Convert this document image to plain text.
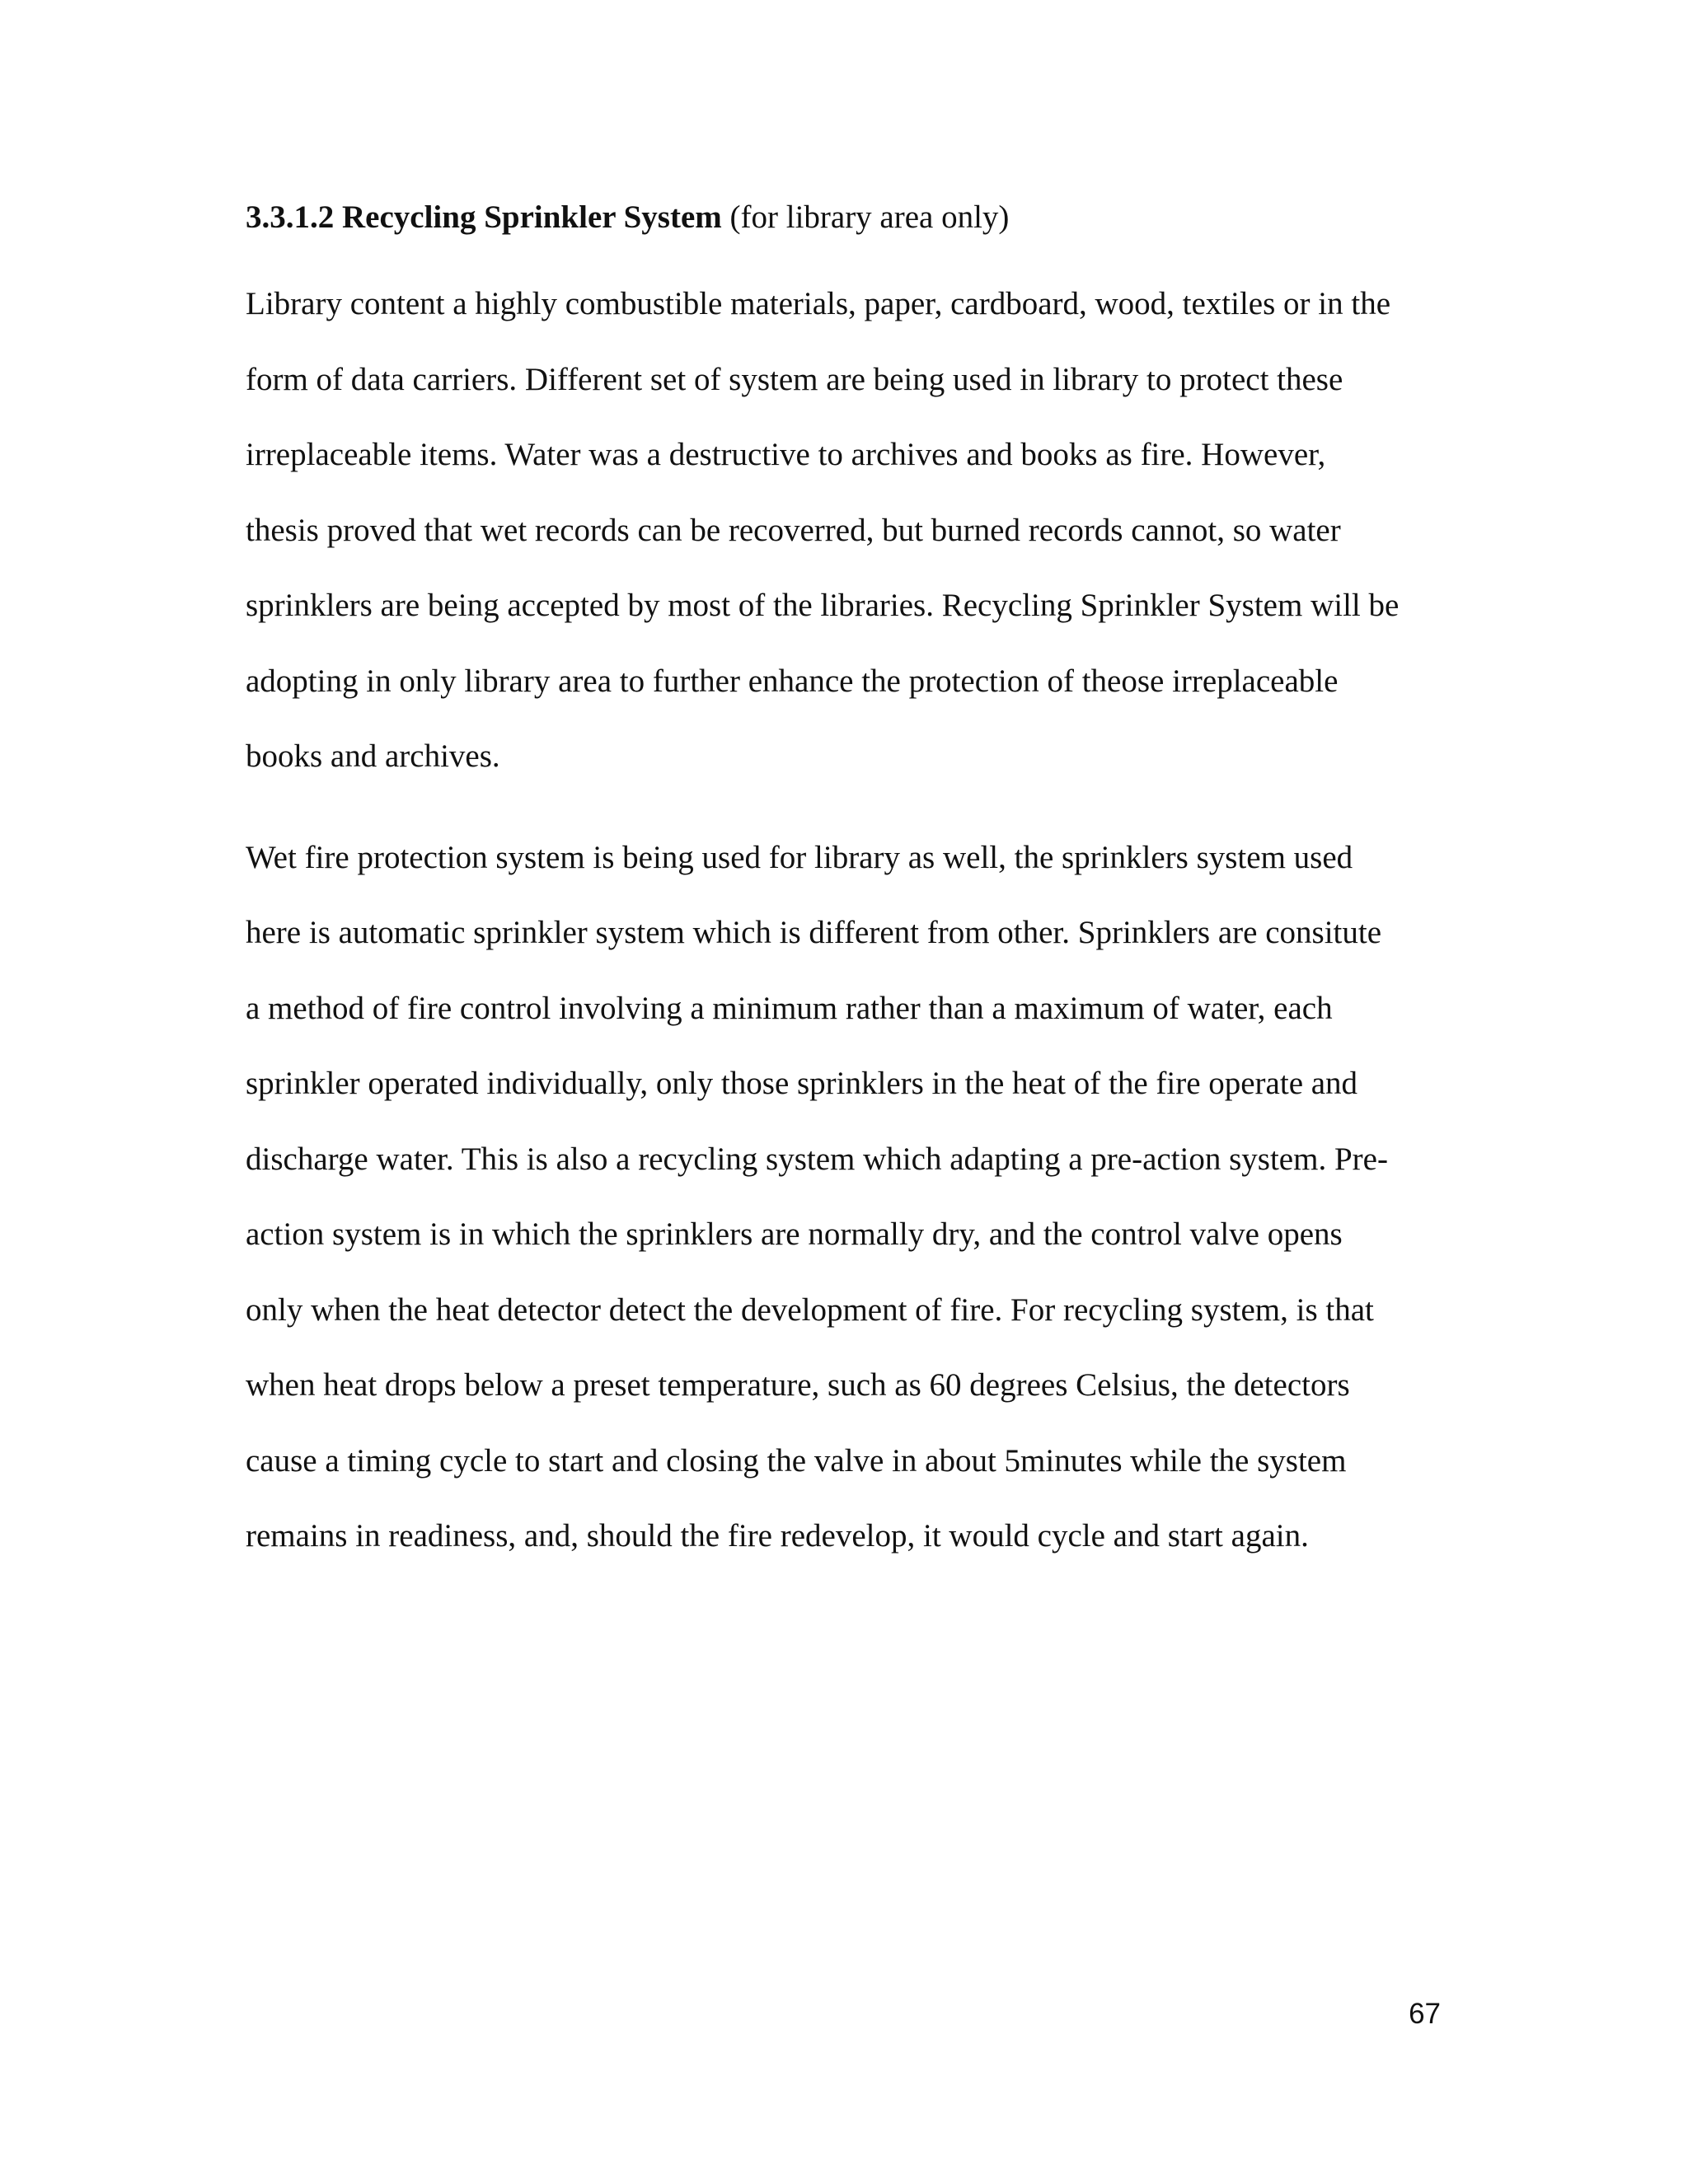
3.3.1.2 Recycling Sprinkler System (for library area only)
Library content a highly combustible materials, paper, cardboard, wood, textiles or in the
form of data carriers. Different set of system are being used in library to protect these
irreplaceable items. Water was a destructive to archives and books as fire. However,
thesis proved that wet records can be recoverred, but burned records cannot, so water
sprinklers are being accepted by most of the libraries. Recycling Sprinkler System will be
adopting in only library area to further enhance the protection of theose irreplaceable
books and archives.
Wet fire protection system is being used for library as well, the sprinklers system used
here is automatic sprinkler system which is different from other. Sprinklers are consitute
a method of fire control involving a minimum rather than a maximum of water, each
sprinkler operated individually, only those sprinklers in the heat of the fire operate and
discharge water. This is also a recycling system which adapting a pre-action system. Pre-
action system is in which the sprinklers are normally dry, and the control valve opens
only when the heat detector detect the development of fire. For recycling system, is that
when heat drops below a preset temperature, such as 60 degrees Celsius, the detectors
cause a timing cycle to start and closing the valve in about 5minutes while the system
remains in readiness, and, should the fire redevelop, it would cycle and start again.
67
